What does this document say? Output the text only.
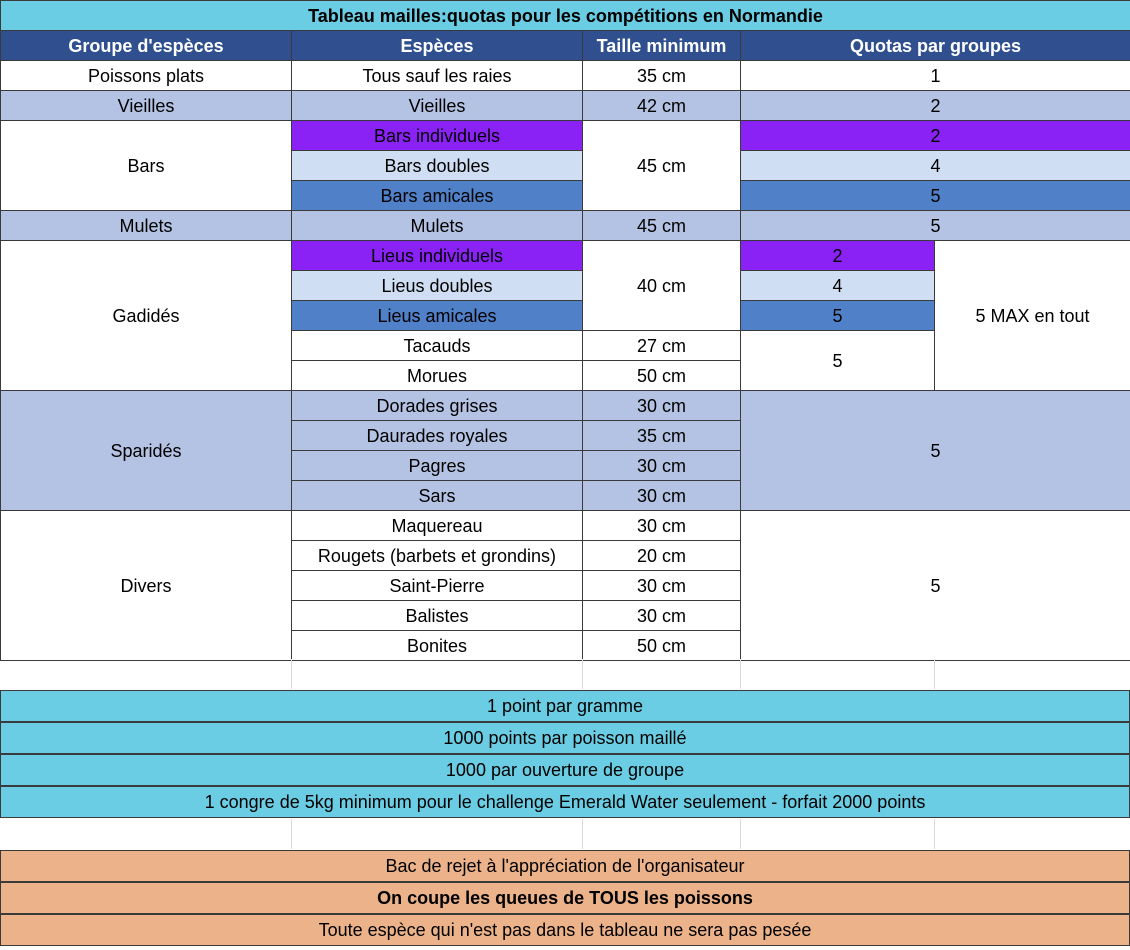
Tableau mailles:quotas pour les compétitions en Normandie				
Groupe d'espèces	Espèces	Taille minimum	Quotas par groupes	
Poissons plats	Tous sauf les raies	35 cm	1	
Vieilles	Vieilles	42 cm	2	
Bars	Bars individuels	45 cm	2	
	Bars doubles		4	
	Bars amicales		5	
Mulets	Mulets	45 cm	5	
Gadidés	Lieus individuels	40 cm	2	5 MAX en tout
	Lieus doubles		4	
	Lieus amicales		5	
	Tacauds	27 cm	5	
	Morues	50 cm		
Sparidés	Dorades grises	30 cm	5	
	Daurades royales	35 cm		
	Pagres	30 cm		
	Sars	30 cm		
Divers	Maquereau	30 cm	5	
	Rougets (barbets et grondins)	20 cm		
	Saint-Pierre	30 cm		
	Balistes	30 cm		
	Bonites	50 cm		
1 point par gramme
1000 points par poisson maillé
1000 par ouverture de groupe
1 congre de 5kg minimum pour le challenge Emerald Water seulement - forfait 2000 points
Bac de rejet à l'appréciation de l'organisateur
On coupe les queues de TOUS les poissons
Toute espèce qui n'est pas dans le tableau ne sera pas pesée
